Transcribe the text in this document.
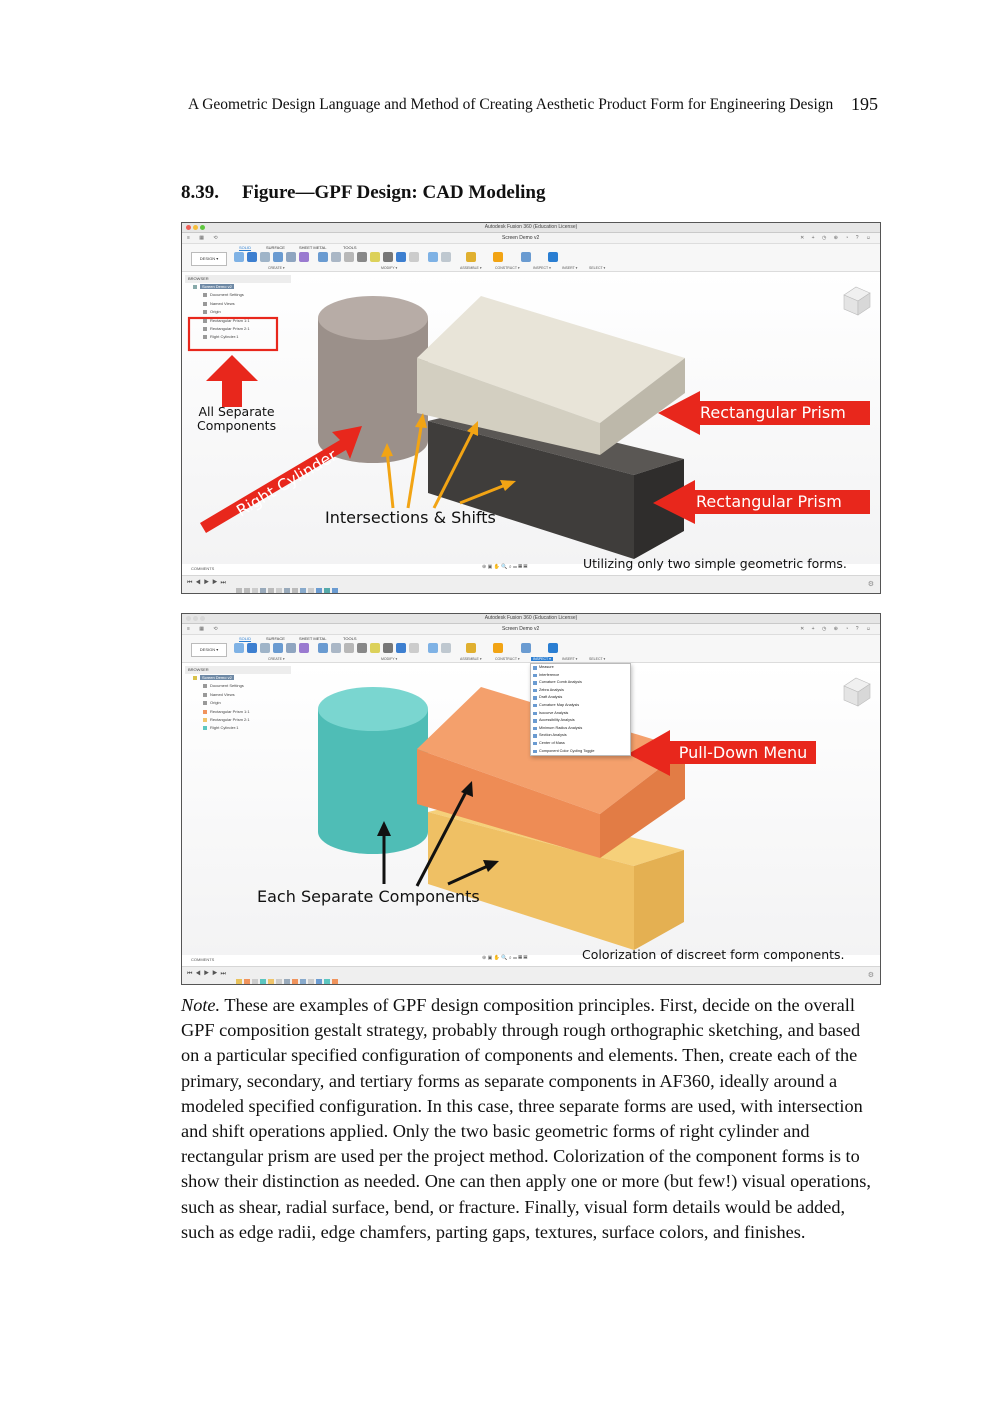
A Geometric Design Language and Method of Creating Aesthetic Product Form for Engineering Design 195
8.39. Figure—GPF Design: CAD Modeling
Autodesk Fusion 360 (Education License)
≡ ▦ ⟲	Screen Demo v2	✕ + ◷ ⊕ ◔ ? ☺
SOLID	SURFACE	SHEET METAL	TOOLS
DESIGN ▾
CREATE ▾	MODIFY ▾	ASSEMBLE ▾	CONSTRUCT ▾	INSPECT ▾	INSERT ▾	SELECT ▾
BROWSER
Screen Demo v2
Document Settings
Named Views
Origin
Rectangular Prism 1:1
Rectangular Prism 2:1
Right Cylinder:1
All Separate
Components
Right Cylinder
Rectangular Prism
Rectangular Prism
Intersections & Shifts
COMMENTS	⊕ ▣ ✋ 🔍 ⌕ ▭ ▦ ▤	Utilizing only two simple geometric forms.
⏮◀▶▶⏭	⚙
Autodesk Fusion 360 (Education License)
≡ ▦ ⟲	Screen Demo v2	✕ + ◷ ⊕ ◔ ? ☺
SOLID	SURFACE	SHEET METAL	TOOLS
DESIGN ▾
CREATE ▾	MODIFY ▾	ASSEMBLE ▾	CONSTRUCT ▾	INSPECT ▾	INSERT ▾	SELECT ▾
BROWSER
Screen Demo v2
Document Settings
Named Views
Origin
Rectangular Prism 1:1
Rectangular Prism 2:1
Right Cylinder:1
Measure
Interference
Curvature Comb Analysis
Zebra Analysis
Draft Analysis
Curvature Map Analysis
Isocurve Analysis
Accessibility Analysis
Minimum Radius Analysis
Section Analysis
Center of Mass
Component Color Cycling Toggle	Pull-Down Menu
Each Separate Components
COMMENTS	⊕ ▣ ✋ 🔍 ⌕ ▭ ▦ ▤	Colorization of discreet form components.
⏮◀▶▶⏭	⚙

Note. These are examples of GPF design composition principles. First, decide on the overall GPF composition gestalt strategy, probably through rough orthographic sketching, and based on a particular specified configuration of components and elements. Then, create each of the primary, secondary, and tertiary forms as separate components in AF360, ideally around a modeled specified configuration. In this case, three separate forms are used, with intersection and shift operations applied. Only the two basic geometric forms of right cylinder and rectangular prism are used per the project method. Colorization of the component forms is to show their distinction as needed. One can then apply one or more (but few!) visual operations, such as shear, radial surface, bend, or fracture. Finally, visual form details would be added, such as edge radii, edge chamfers, parting gaps, textures, surface colors, and finishes.
